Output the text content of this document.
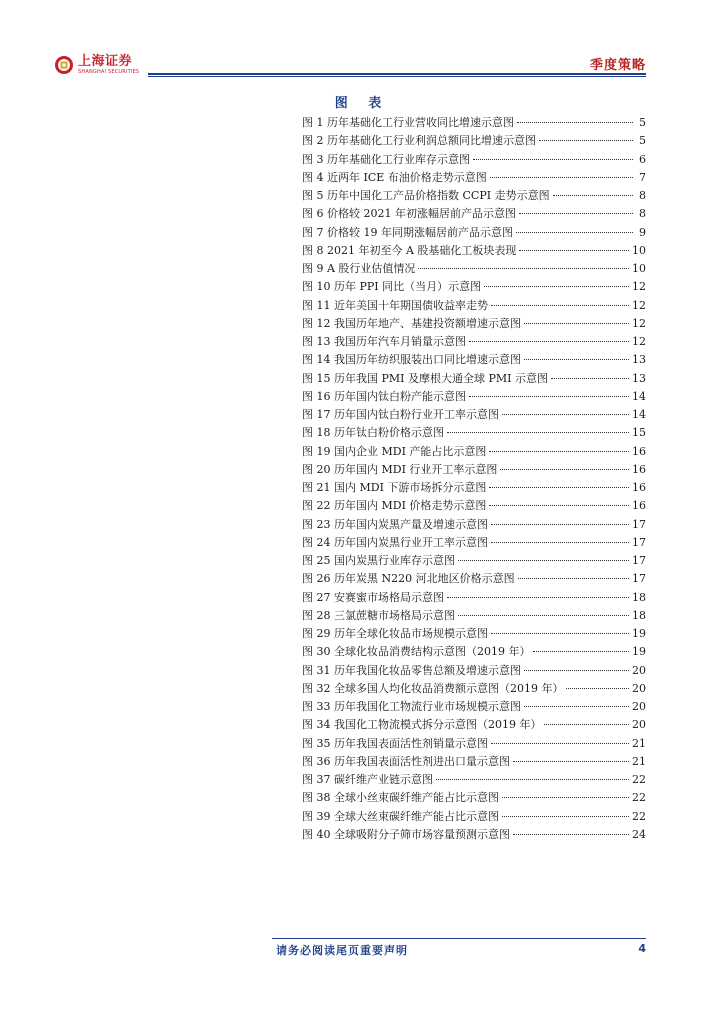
上海证券
SHANGHAI SECURITIES	季度策略
图 表
图 1 历年基础化工行业营收同比增速示意图	5
图 2 历年基础化工行业利润总额同比增速示意图	5
图 3 历年基础化工行业库存示意图	6
图 4 近两年 ICE 布油价格走势示意图	7
图 5 历年中国化工产品价格指数 CCPI 走势示意图	8
图 6 价格较 2021 年初涨幅居前产品示意图	8
图 7 价格较 19 年同期涨幅居前产品示意图	9
图 8 2021 年初至今 A 股基础化工板块表现	10
图 9 A 股行业估值情况	10
图 10 历年 PPI 同比（当月）示意图	12
图 11 近年美国十年期国债收益率走势	12
图 12 我国历年地产、基建投资额增速示意图	12
图 13 我国历年汽车月销量示意图	12
图 14 我国历年纺织服装出口同比增速示意图	13
图 15 历年我国 PMI 及摩根大通全球 PMI 示意图	13
图 16 历年国内钛白粉产能示意图	14
图 17 历年国内钛白粉行业开工率示意图	14
图 18 历年钛白粉价格示意图	15
图 19 国内企业 MDI 产能占比示意图	16
图 20 历年国内 MDI 行业开工率示意图	16
图 21 国内 MDI 下游市场拆分示意图	16
图 22 历年国内 MDI 价格走势示意图	16
图 23 历年国内炭黑产量及增速示意图	17
图 24 历年国内炭黑行业开工率示意图	17
图 25 国内炭黑行业库存示意图	17
图 26 历年炭黑 N220 河北地区价格示意图	17
图 27 安赛蜜市场格局示意图	18
图 28 三氯蔗糖市场格局示意图	18
图 29 历年全球化妆品市场规模示意图	19
图 30 全球化妆品消费结构示意图（2019 年）	19
图 31 历年我国化妆品零售总额及增速示意图	20
图 32 全球多国人均化妆品消费额示意图（2019 年）	20
图 33 历年我国化工物流行业市场规模示意图	20
图 34 我国化工物流模式拆分示意图（2019 年）	20
图 35 历年我国表面活性剂销量示意图	21
图 36 历年我国表面活性剂进出口量示意图	21
图 37 碳纤维产业链示意图	22
图 38 全球小丝束碳纤维产能占比示意图	22
图 39 全球大丝束碳纤维产能占比示意图	22
图 40 全球吸附分子筛市场容量预测示意图	24
请务必阅读尾页重要声明	4
